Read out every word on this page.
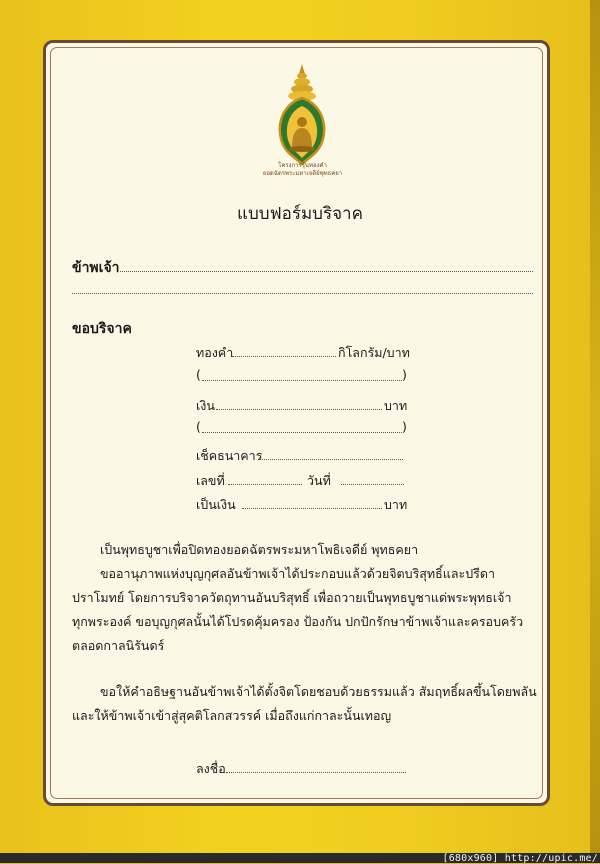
[680x960] http://upic.me/
โครงการรุ้นทองคำ
ยอดฉัตรพระมหาเจดีย์พุทธคยา
แบบฟอร์มบริจาค
ข้าพเจ้า
ขอบริจาค
ทองคำ	กิโลกรัม/บาท
(	)
เงิน	บาท
(	)
เช็คธนาคาร
เลขที่	วันที่
เป็นเงิน	บาท
เป็นพุทธบูชาเพื่อปิดทองยอดฉัตรพระมหาโพธิเจดีย์ พุทธคยา
ขออานุภาพแห่งบุญกุศลอันข้าพเจ้าได้ประกอบแล้วด้วยจิตบริสุทธิ์และปรีดา
ปราโมทย์ โดยการบริจาควัตถุทานอันบริสุทธิ์ เพื่อถวายเป็นพุทธบูชาแด่พระพุทธเจ้า
ทุกพระองค์ ขอบุญกุศลนั้นได้โปรดคุ้มครอง ป้องกัน ปกปักรักษาข้าพเจ้าและครอบครัว
ตลอดกาลนิรันดร์
ขอให้คำอธิษฐานอันข้าพเจ้าได้ตั้งจิตโดยชอบด้วยธรรมแล้ว สัมฤทธิ์ผลขึ้นโดยพลัน
และให้ข้าพเจ้าเข้าสู่สุคติโลกสวรรค์ เมื่อถึงแก่กาละนั้นเทอญ
ลงชื่อ
